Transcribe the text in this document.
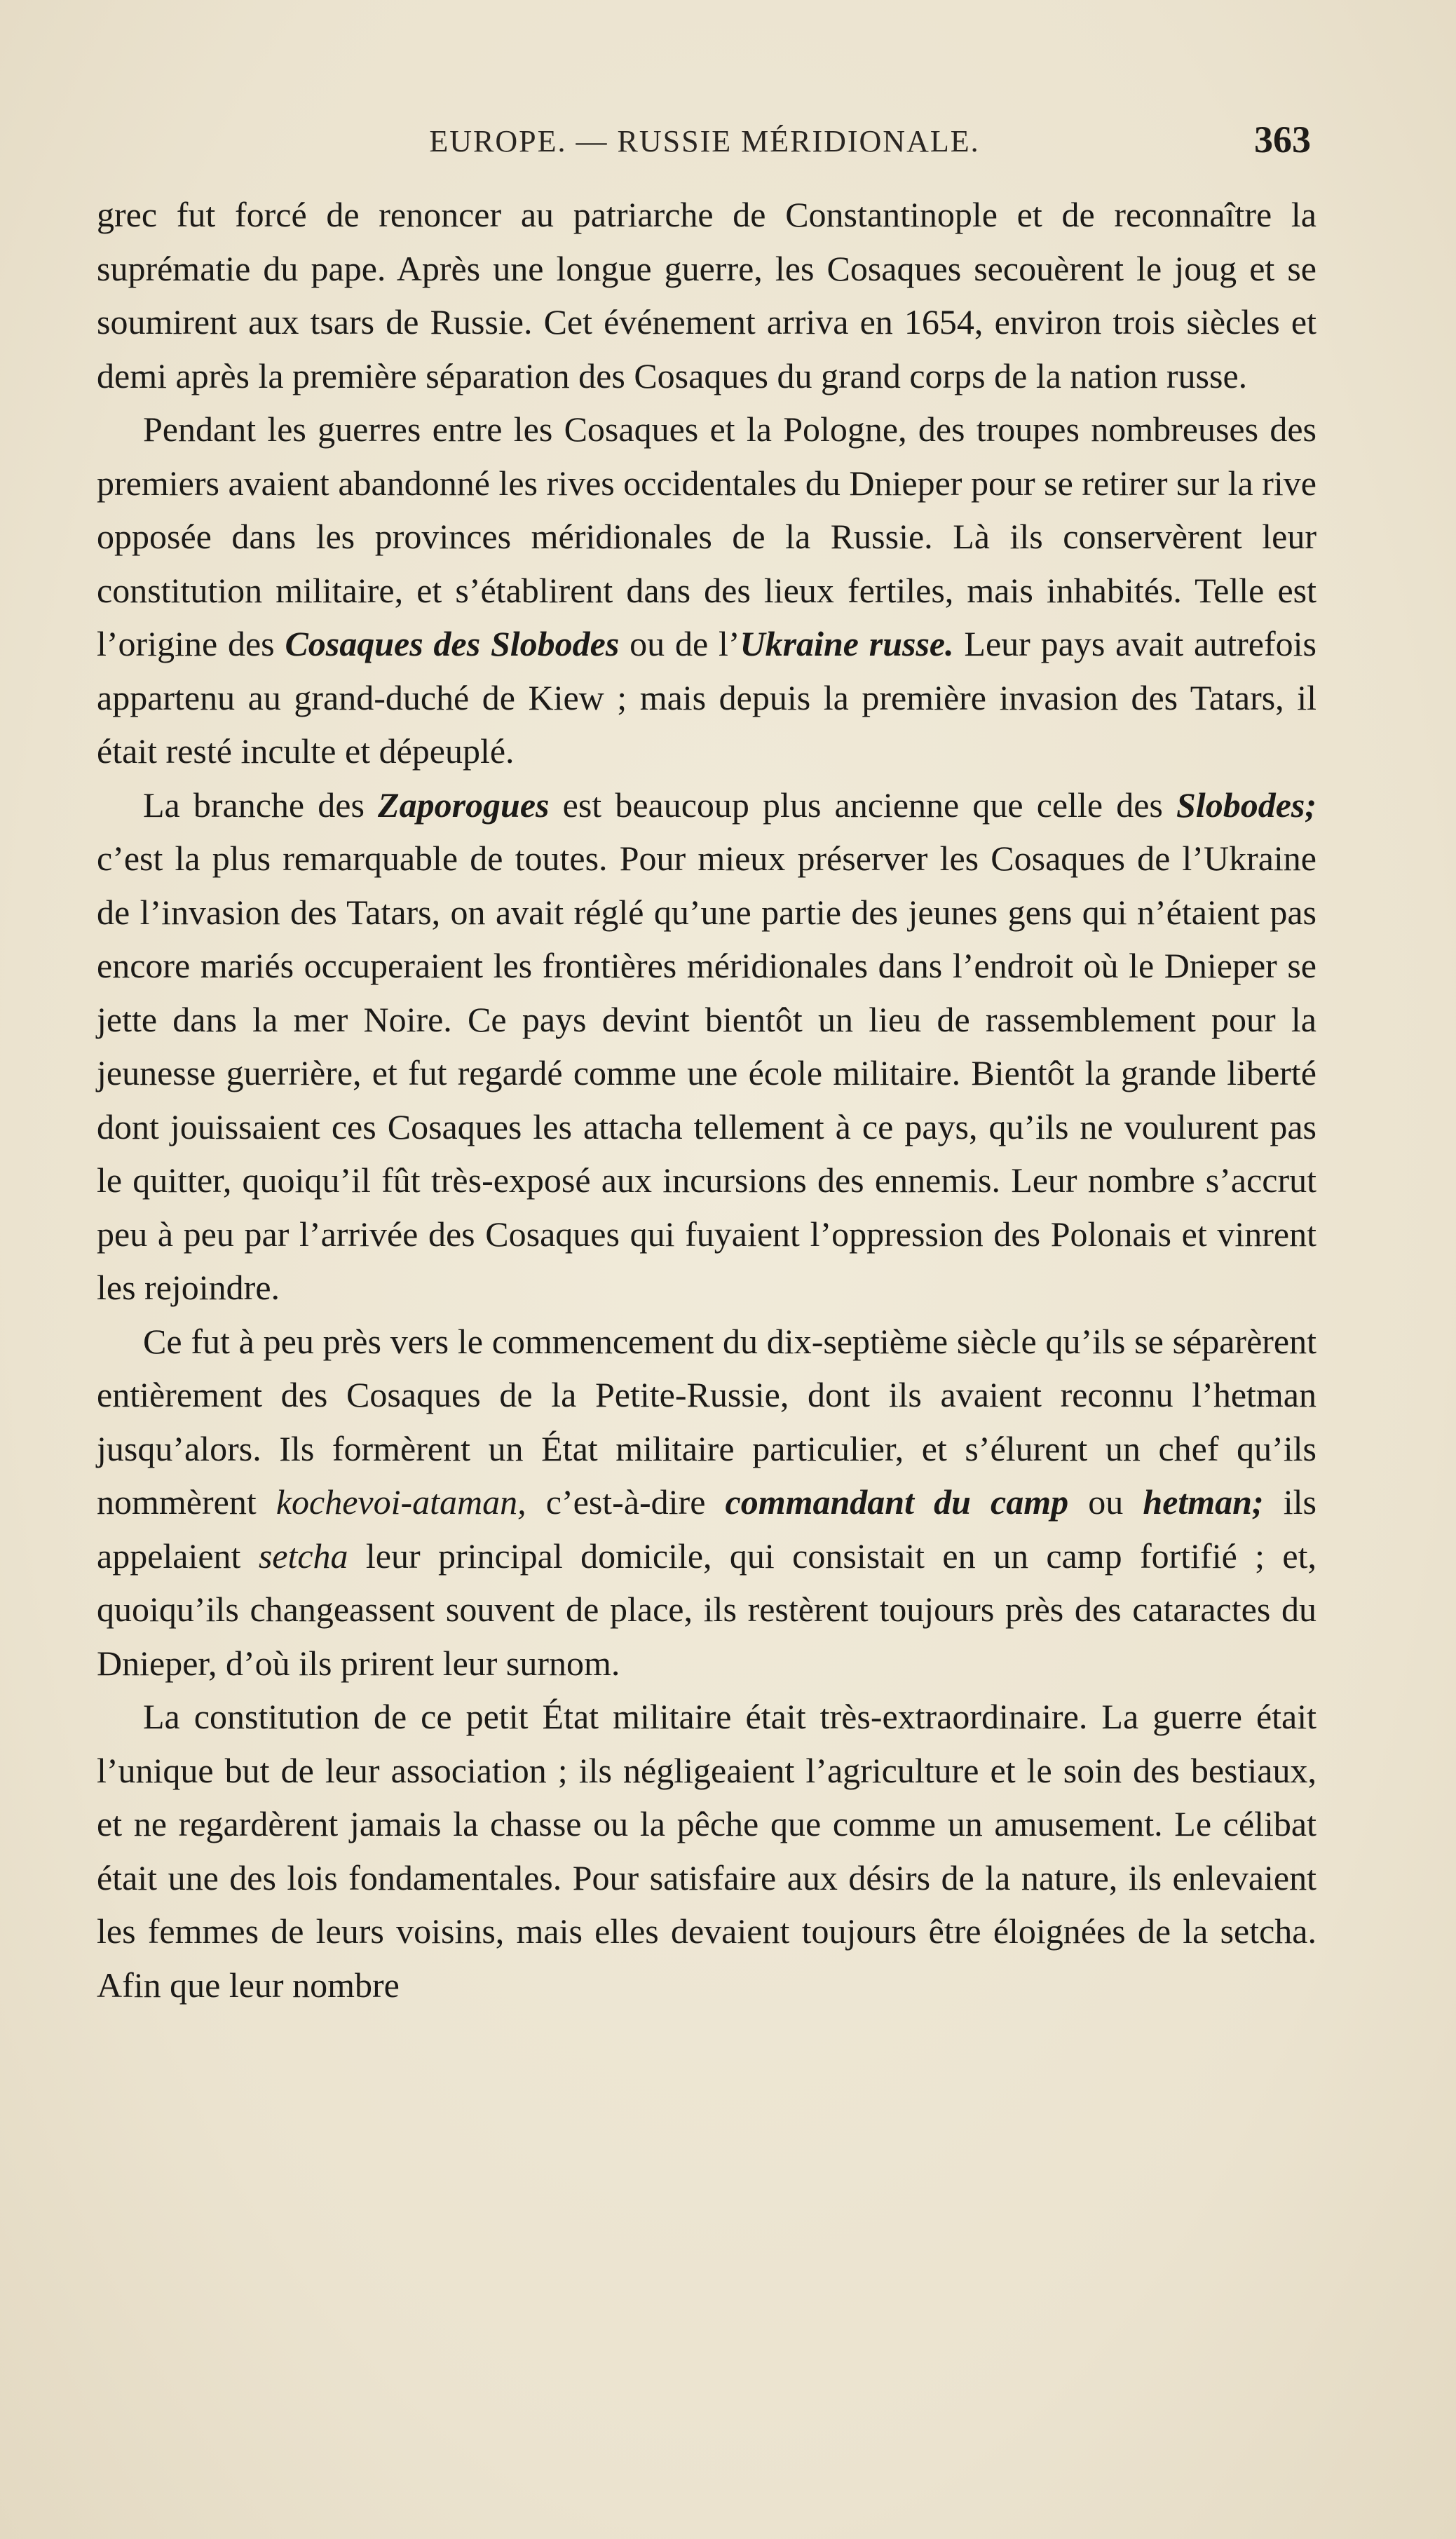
EUROPE. — RUSSIE MÉRIDIONALE.	363

grec fut forcé de renoncer au patriarche de Constantinople et de reconnaître la suprématie du pape. Après une longue guerre, les Cosaques secouèrent le joug et se soumirent aux tsars de Russie. Cet événement arriva en 1654, environ trois siècles et demi après la première séparation des Cosaques du grand corps de la nation russe.

Pendant les guerres entre les Cosaques et la Pologne, des troupes nombreuses des premiers avaient abandonné les rives occidentales du Dnieper pour se retirer sur la rive opposée dans les provinces méridionales de la Russie. Là ils conservèrent leur constitution militaire, et s’établirent dans des lieux fertiles, mais inhabités. Telle est l’origine des Cosaques des Slobodes ou de l’Ukraine russe. Leur pays avait autrefois appartenu au grand-duché de Kiew ; mais depuis la première invasion des Tatars, il était resté inculte et dépeuplé.

La branche des Zaporogues est beaucoup plus ancienne que celle des Slobodes; c’est la plus remarquable de toutes. Pour mieux préserver les Cosaques de l’Ukraine de l’invasion des Tatars, on avait réglé qu’une partie des jeunes gens qui n’étaient pas encore mariés occuperaient les frontières méridionales dans l’endroit où le Dnieper se jette dans la mer Noire. Ce pays devint bientôt un lieu de rassemblement pour la jeunesse guerrière, et fut regardé comme une école militaire. Bientôt la grande liberté dont jouissaient ces Cosaques les attacha tellement à ce pays, qu’ils ne voulurent pas le quitter, quoiqu’il fût très-exposé aux incursions des ennemis. Leur nombre s’accrut peu à peu par l’arrivée des Cosaques qui fuyaient l’oppression des Polonais et vinrent les rejoindre.

Ce fut à peu près vers le commencement du dix-septième siècle qu’ils se séparèrent entièrement des Cosaques de la Petite-Russie, dont ils avaient reconnu l’hetman jusqu’alors. Ils formèrent un État militaire particulier, et s’élurent un chef qu’ils nommèrent kochevoi-ataman, c’est-à-dire commandant du camp ou hetman; ils appelaient setcha leur principal domicile, qui consistait en un camp fortifié ; et, quoiqu’ils changeassent souvent de place, ils restèrent toujours près des cataractes du Dnieper, d’où ils prirent leur surnom.

La constitution de ce petit État militaire était très-extraordinaire. La guerre était l’unique but de leur association ; ils négligeaient l’agriculture et le soin des bestiaux, et ne regardèrent jamais la chasse ou la pêche que comme un amusement. Le célibat était une des lois fondamentales. Pour satisfaire aux désirs de la nature, ils enlevaient les femmes de leurs voisins, mais elles devaient toujours être éloignées de la setcha. Afin que leur nombre
